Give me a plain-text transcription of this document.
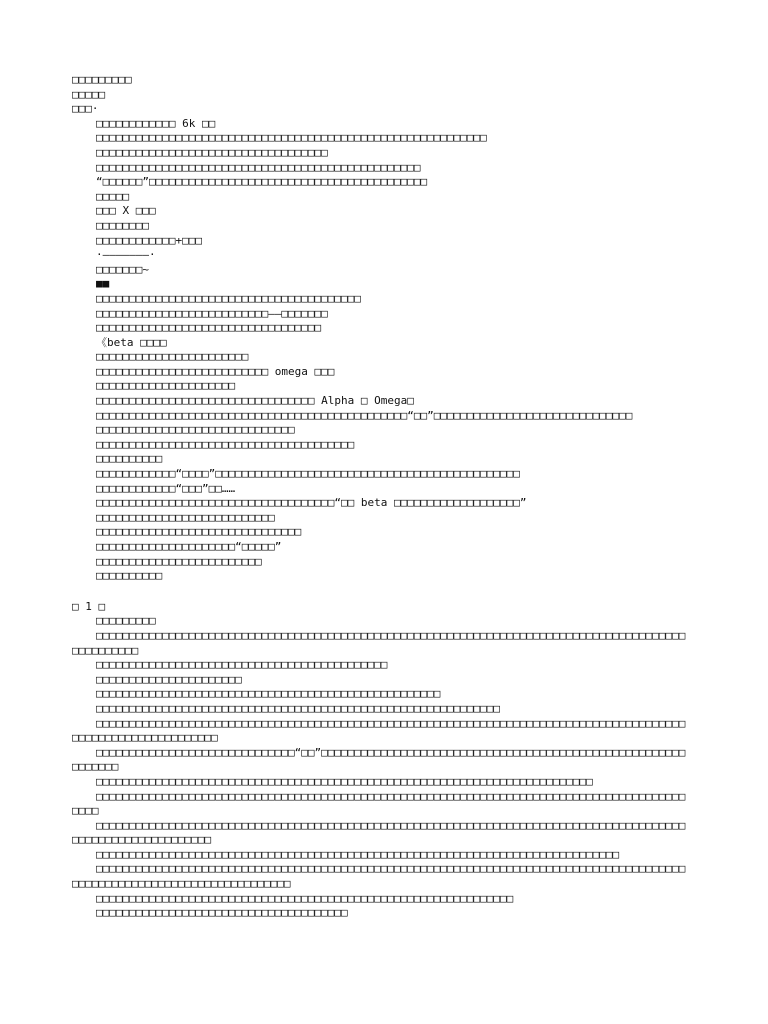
□□□□□□□□□
□□□□□
□□□·
□□□□□□□□□□□□ 6k □□
□□□□□□□□□□□□□□□□□□□□□□□□□□□□□□□□□□□□□□□□□□□□□□□□□□□□□□□□□□□
□□□□□□□□□□□□□□□□□□□□□□□□□□□□□□□□□□□
□□□□□□□□□□□□□□□□□□□□□□□□□□□□□□□□□□□□□□□□□□□□□□□□□
“□□□□□□”□□□□□□□□□□□□□□□□□□□□□□□□□□□□□□□□□□□□□□□□□□
□□□□□
□□□ X □□□
□□□□□□□□
□□□□□□□□□□□□+□□□
·———————·
□□□□□□□~
■■
□□□□□□□□□□□□□□□□□□□□□□□□□□□□□□□□□□□□□□□□
□□□□□□□□□□□□□□□□□□□□□□□□□□——□□□□□□□
□□□□□□□□□□□□□□□□□□□□□□□□□□□□□□□□□□
《beta □□□□
□□□□□□□□□□□□□□□□□□□□□□□
□□□□□□□□□□□□□□□□□□□□□□□□□□ omega □□□
□□□□□□□□□□□□□□□□□□□□□
□□□□□□□□□□□□□□□□□□□□□□□□□□□□□□□□□ Alpha □ Omega□
□□□□□□□□□□□□□□□□□□□□□□□□□□□□□□□□□□□□□□□□□□□□□□□“□□”□□□□□□□□□□□□□□□□□□□□□□□□□□□□□□
□□□□□□□□□□□□□□□□□□□□□□□□□□□□□□
□□□□□□□□□□□□□□□□□□□□□□□□□□□□□□□□□□□□□□□
□□□□□□□□□□
□□□□□□□□□□□□“□□□□”□□□□□□□□□□□□□□□□□□□□□□□□□□□□□□□□□□□□□□□□□□□□□□
□□□□□□□□□□□□“□□□”□□……
□□□□□□□□□□□□□□□□□□□□□□□□□□□□□□□□□□□□“□□ beta □□□□□□□□□□□□□□□□□□□”
□□□□□□□□□□□□□□□□□□□□□□□□□□□
□□□□□□□□□□□□□□□□□□□□□□□□□□□□□□□
□□□□□□□□□□□□□□□□□□□□□“□□□□□”
□□□□□□□□□□□□□□□□□□□□□□□□□
□□□□□□□□□□
□ 1 □
□□□□□□□□□
□□□□□□□□□□□□□□□□□□□□□□□□□□□□□□□□□□□□□□□□□□□□□□□□□□□□□□□□□□□□□□□□□□□□□□□□□□□□□□□□□□□□□□□□□□□□□□□□□□□
□□□□□□□□□□□□□□□□□□□□□□□□□□□□□□□□□□□□□□□□□□□□
□□□□□□□□□□□□□□□□□□□□□□
□□□□□□□□□□□□□□□□□□□□□□□□□□□□□□□□□□□□□□□□□□□□□□□□□□□□
□□□□□□□□□□□□□□□□□□□□□□□□□□□□□□□□□□□□□□□□□□□□□□□□□□□□□□□□□□□□□
□□□□□□□□□□□□□□□□□□□□□□□□□□□□□□□□□□□□□□□□□□□□□□□□□□□□□□□□□□□□□□□□□□□□□□□□□□□□□□□□□□□□□□□□□□□□□□□□□□□□□□□□□□□□□□□
□□□□□□□□□□□□□□□□□□□□□□□□□□□□□□“□□”□□□□□□□□□□□□□□□□□□□□□□□□□□□□□□□□□□□□□□□□□□□□□□□□□□□□□□□□□□□□□□
□□□□□□□□□□□□□□□□□□□□□□□□□□□□□□□□□□□□□□□□□□□□□□□□□□□□□□□□□□□□□□□□□□□□□□□□□□□
□□□□□□□□□□□□□□□□□□□□□□□□□□□□□□□□□□□□□□□□□□□□□□□□□□□□□□□□□□□□□□□□□□□□□□□□□□□□□□□□□□□□□□□□□□□□□
□□□□□□□□□□□□□□□□□□□□□□□□□□□□□□□□□□□□□□□□□□□□□□□□□□□□□□□□□□□□□□□□□□□□□□□□□□□□□□□□□□□□□□□□□□□□□□□□□□□□□□□□□□□□□□
□□□□□□□□□□□□□□□□□□□□□□□□□□□□□□□□□□□□□□□□□□□□□□□□□□□□□□□□□□□□□□□□□□□□□□□□□□□□□□□
□□□□□□□□□□□□□□□□□□□□□□□□□□□□□□□□□□□□□□□□□□□□□□□□□□□□□□□□□□□□□□□□□□□□□□□□□□□□□□□□□□□□□□□□□□□□□□□□□□□□□□□□□□□□□□□□□□□□□□□□□□
□□□□□□□□□□□□□□□□□□□□□□□□□□□□□□□□□□□□□□□□□□□□□□□□□□□□□□□□□□□□□□□
□□□□□□□□□□□□□□□□□□□□□□□□□□□□□□□□□□□□□□
